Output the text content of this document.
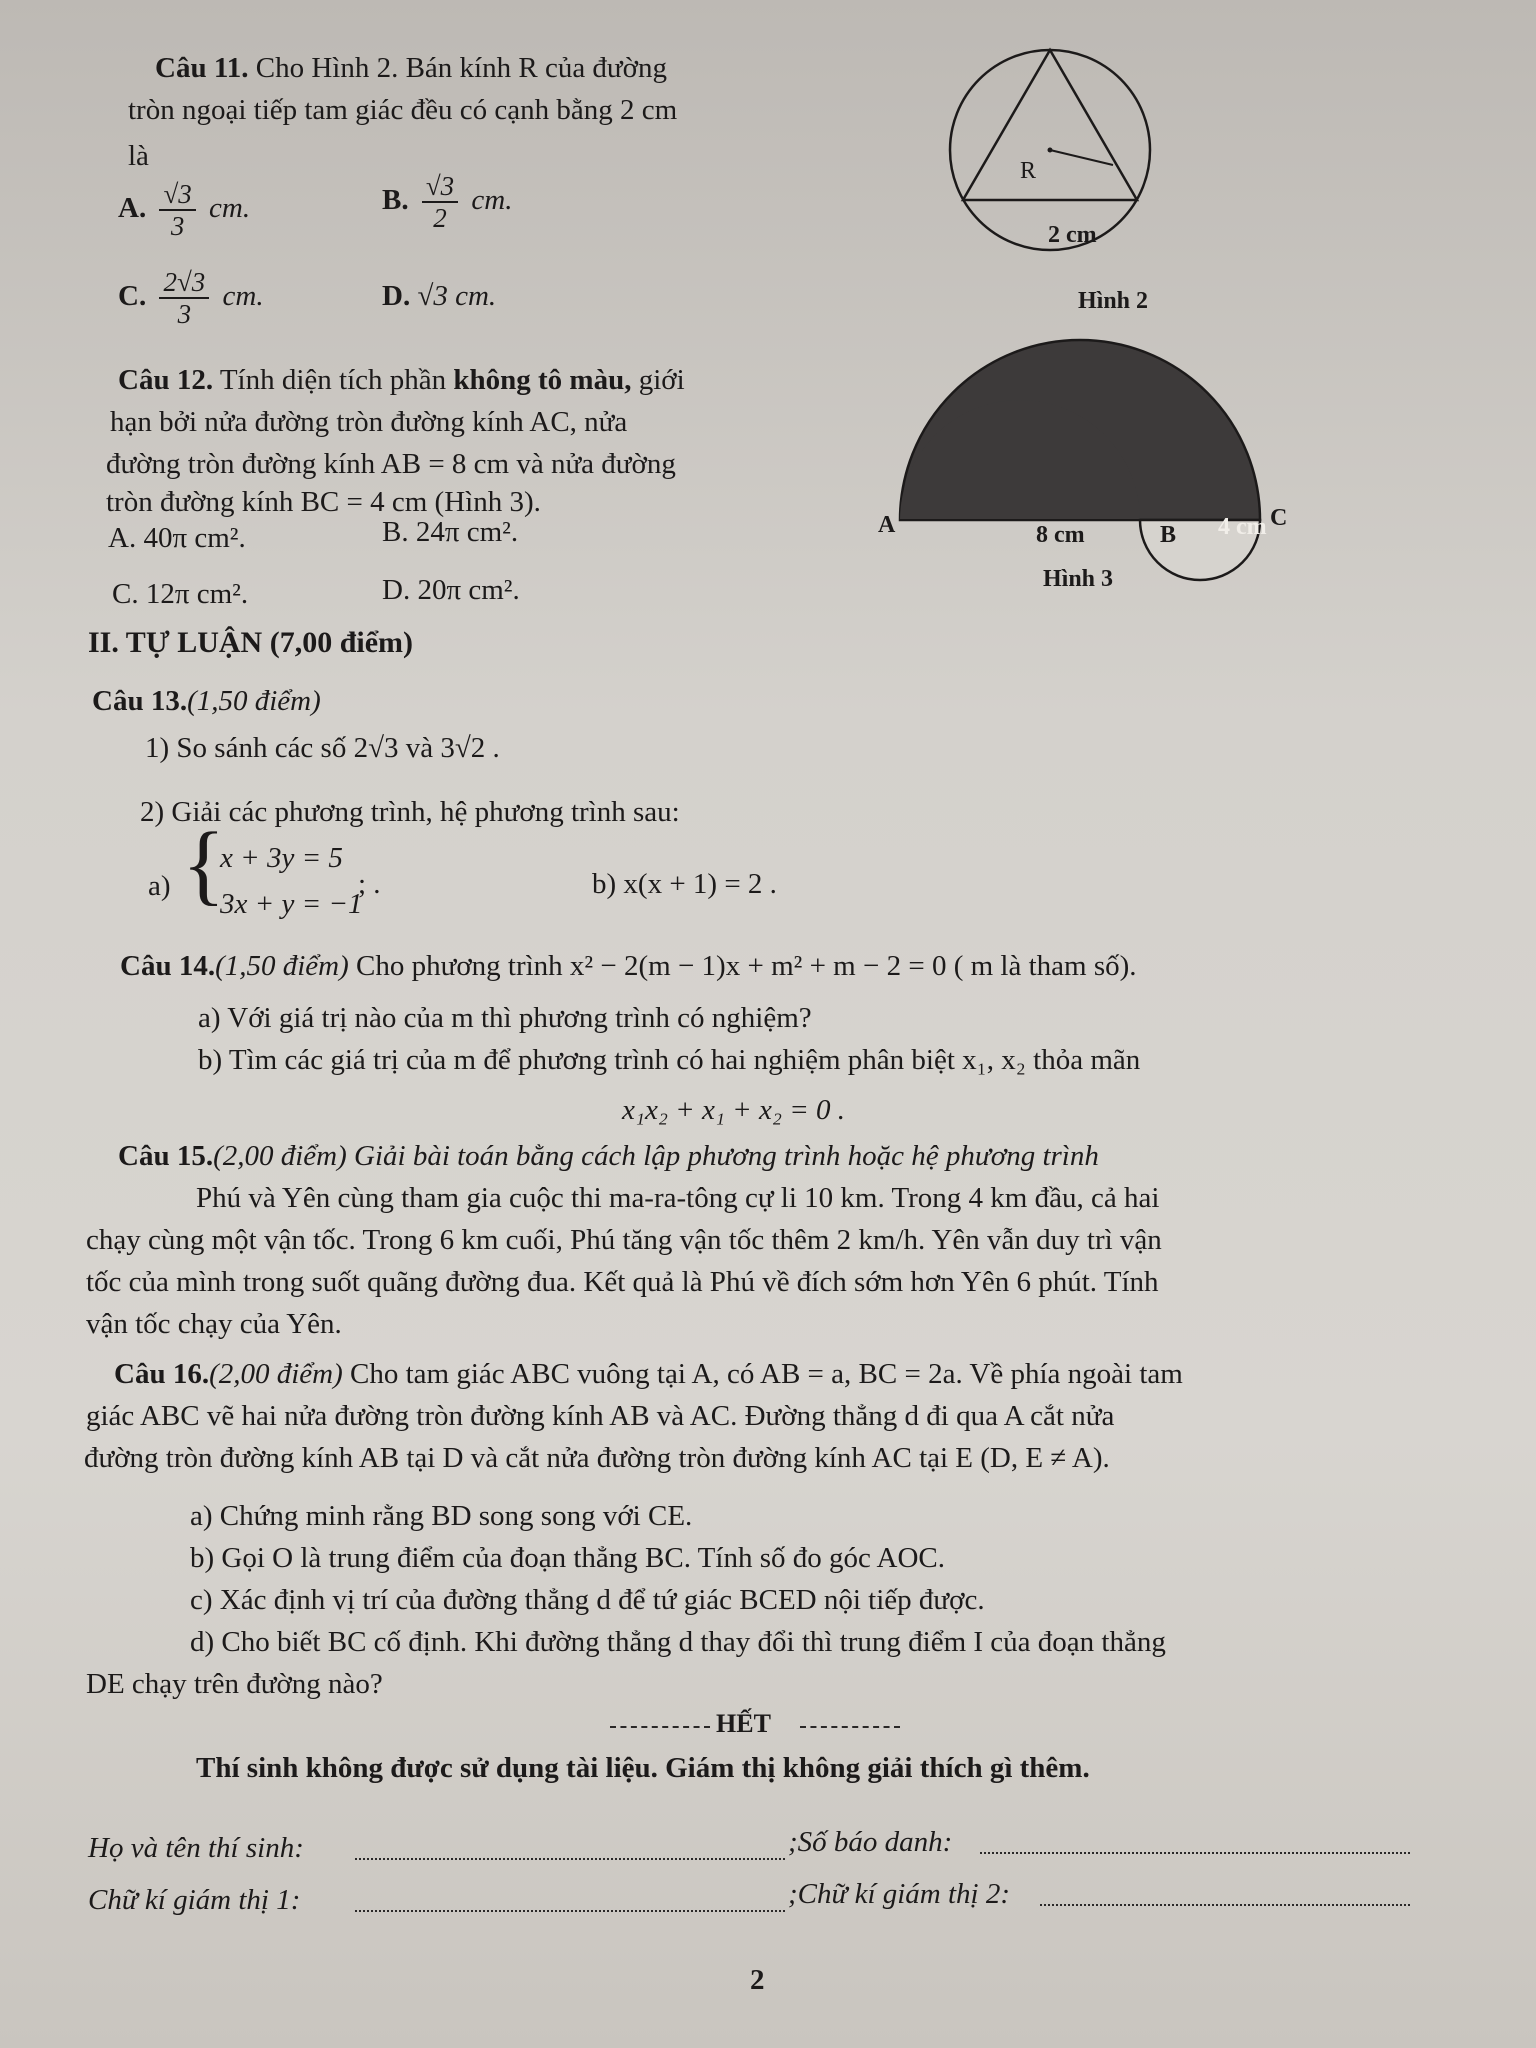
Câu 11. Cho Hình 2. Bán kính R của đường
tròn ngoại tiếp tam giác đều có cạnh bằng 2 cm
là
A. $\frac{√3}{3}$ cm.	B. $\frac{√3}{2}$ cm.
C. $\frac{2√3}{3}$ cm.	D. √3 cm.
R
2 cm
Hình 2
Câu 12. Tính diện tích phần không tô màu, giới
hạn bởi nửa đường tròn đường kính AC, nửa
đường tròn đường kính AB = 8 cm và nửa đường
tròn đường kính BC = 4 cm (Hình 3).
A. 40π cm².	B. 24π cm².
C. 12π cm².	D. 20π cm².
A	8 cm	B 4 cm C
Hình 3
II. TỰ LUẬN (7,00 điểm)
Câu 13.(1,50 điểm)
1) So sánh các số 2√3 và 3√2 .
2) Giải các phương trình, hệ phương trình sau:
a) {
x + 3y = 5
3x + y = −1
; .	b) x(x + 1) = 2 .
Câu 14.(1,50 điểm) Cho phương trình x² − 2(m − 1)x + m² + m − 2 = 0 ( m là tham số).
a) Với giá trị nào của m thì phương trình có nghiệm?
b) Tìm các giá trị của m để phương trình có hai nghiệm phân biệt x₁, x₂ thỏa mãn
x₁x₂ + x₁ + x₂ = 0 .
Câu 15.(2,00 điểm) Giải bài toán bằng cách lập phương trình hoặc hệ phương trình
Phú và Yên cùng tham gia cuộc thi ma-ra-tông cự li 10 km. Trong 4 km đầu, cả hai
chạy cùng một vận tốc. Trong 6 km cuối, Phú tăng vận tốc thêm 2 km/h. Yên vẫn duy trì vận
tốc của mình trong suốt quãng đường đua. Kết quả là Phú về đích sớm hơn Yên 6 phút. Tính
vận tốc chạy của Yên.
Câu 16.(2,00 điểm) Cho tam giác ABC vuông tại A, có AB = a, BC = 2a. Về phía ngoài tam
giác ABC vẽ hai nửa đường tròn đường kính AB và AC. Đường thẳng d đi qua A cắt nửa
đường tròn đường kính AB tại D và cắt nửa đường tròn đường kính AC tại E (D, E ≠ A).
a) Chứng minh rằng BD song song với CE.
b) Gọi O là trung điểm của đoạn thẳng BC. Tính số đo góc AOC.
c) Xác định vị trí của đường thẳng d để tứ giác BCED nội tiếp được.
d) Cho biết BC cố định. Khi đường thẳng d thay đổi thì trung điểm I của đoạn thẳng
DE chạy trên đường nào?
HẾT
Thí sinh không được sử dụng tài liệu. Giám thị không giải thích gì thêm.
Họ và tên thí sinh:	;Số báo danh:
Chữ kí giám thị 1:	;Chữ kí giám thị 2:
2
